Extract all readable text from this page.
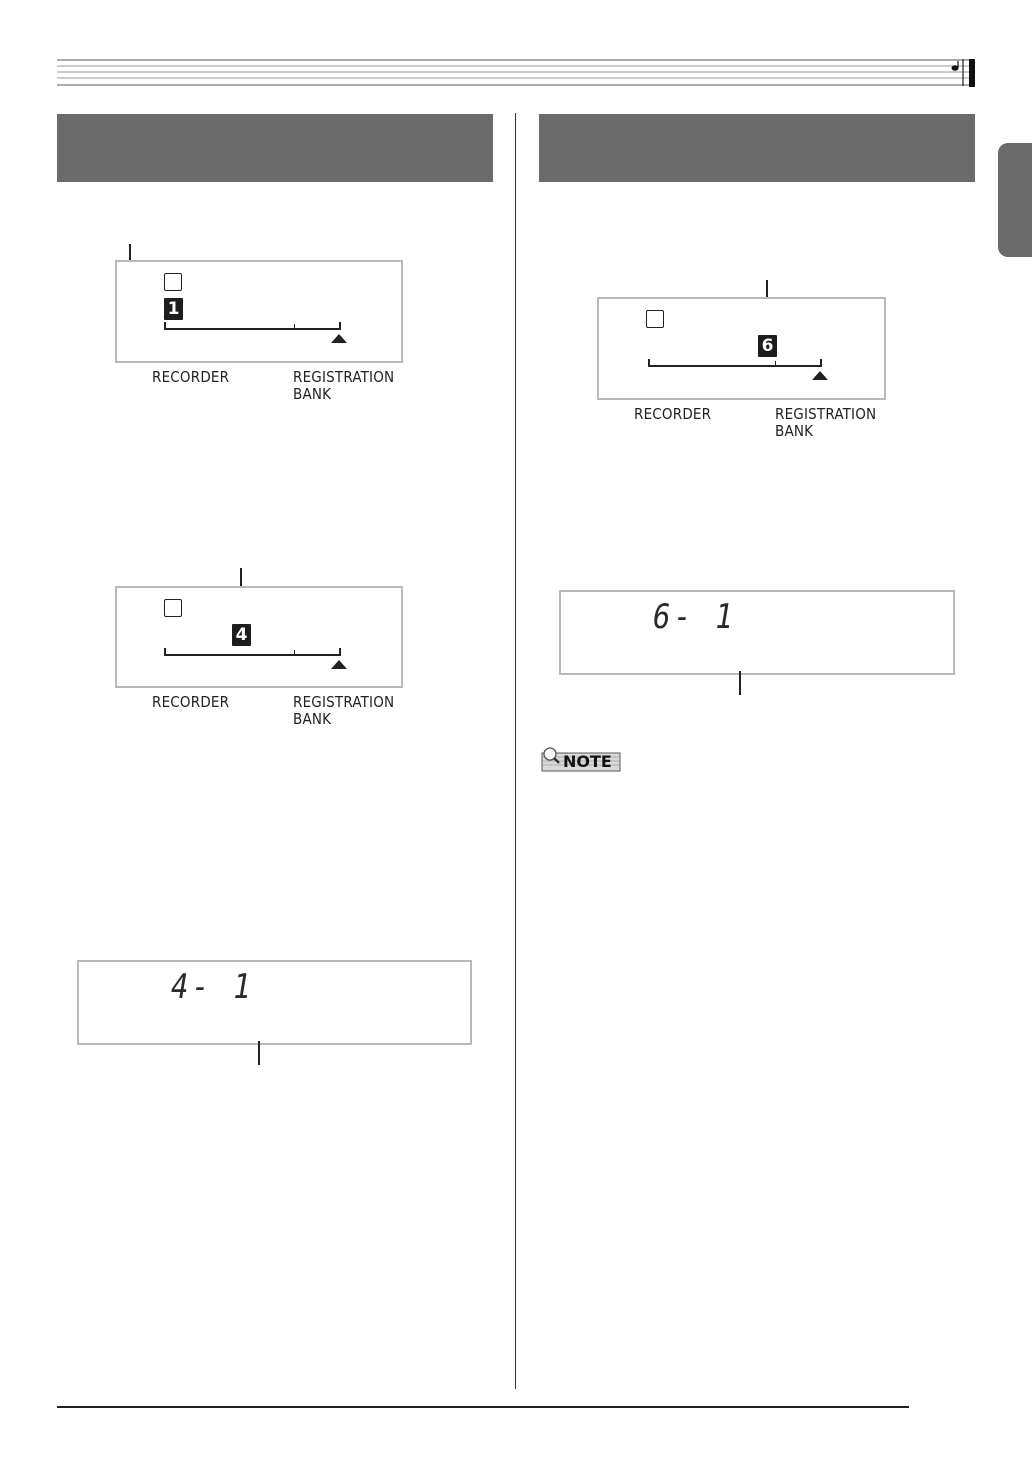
1
RECORDER	REGISTRATION
BANK
4
RECORDER	REGISTRATION
BANK
4- 1
6
RECORDER	REGISTRATION
BANK
6- 1
NOTE
